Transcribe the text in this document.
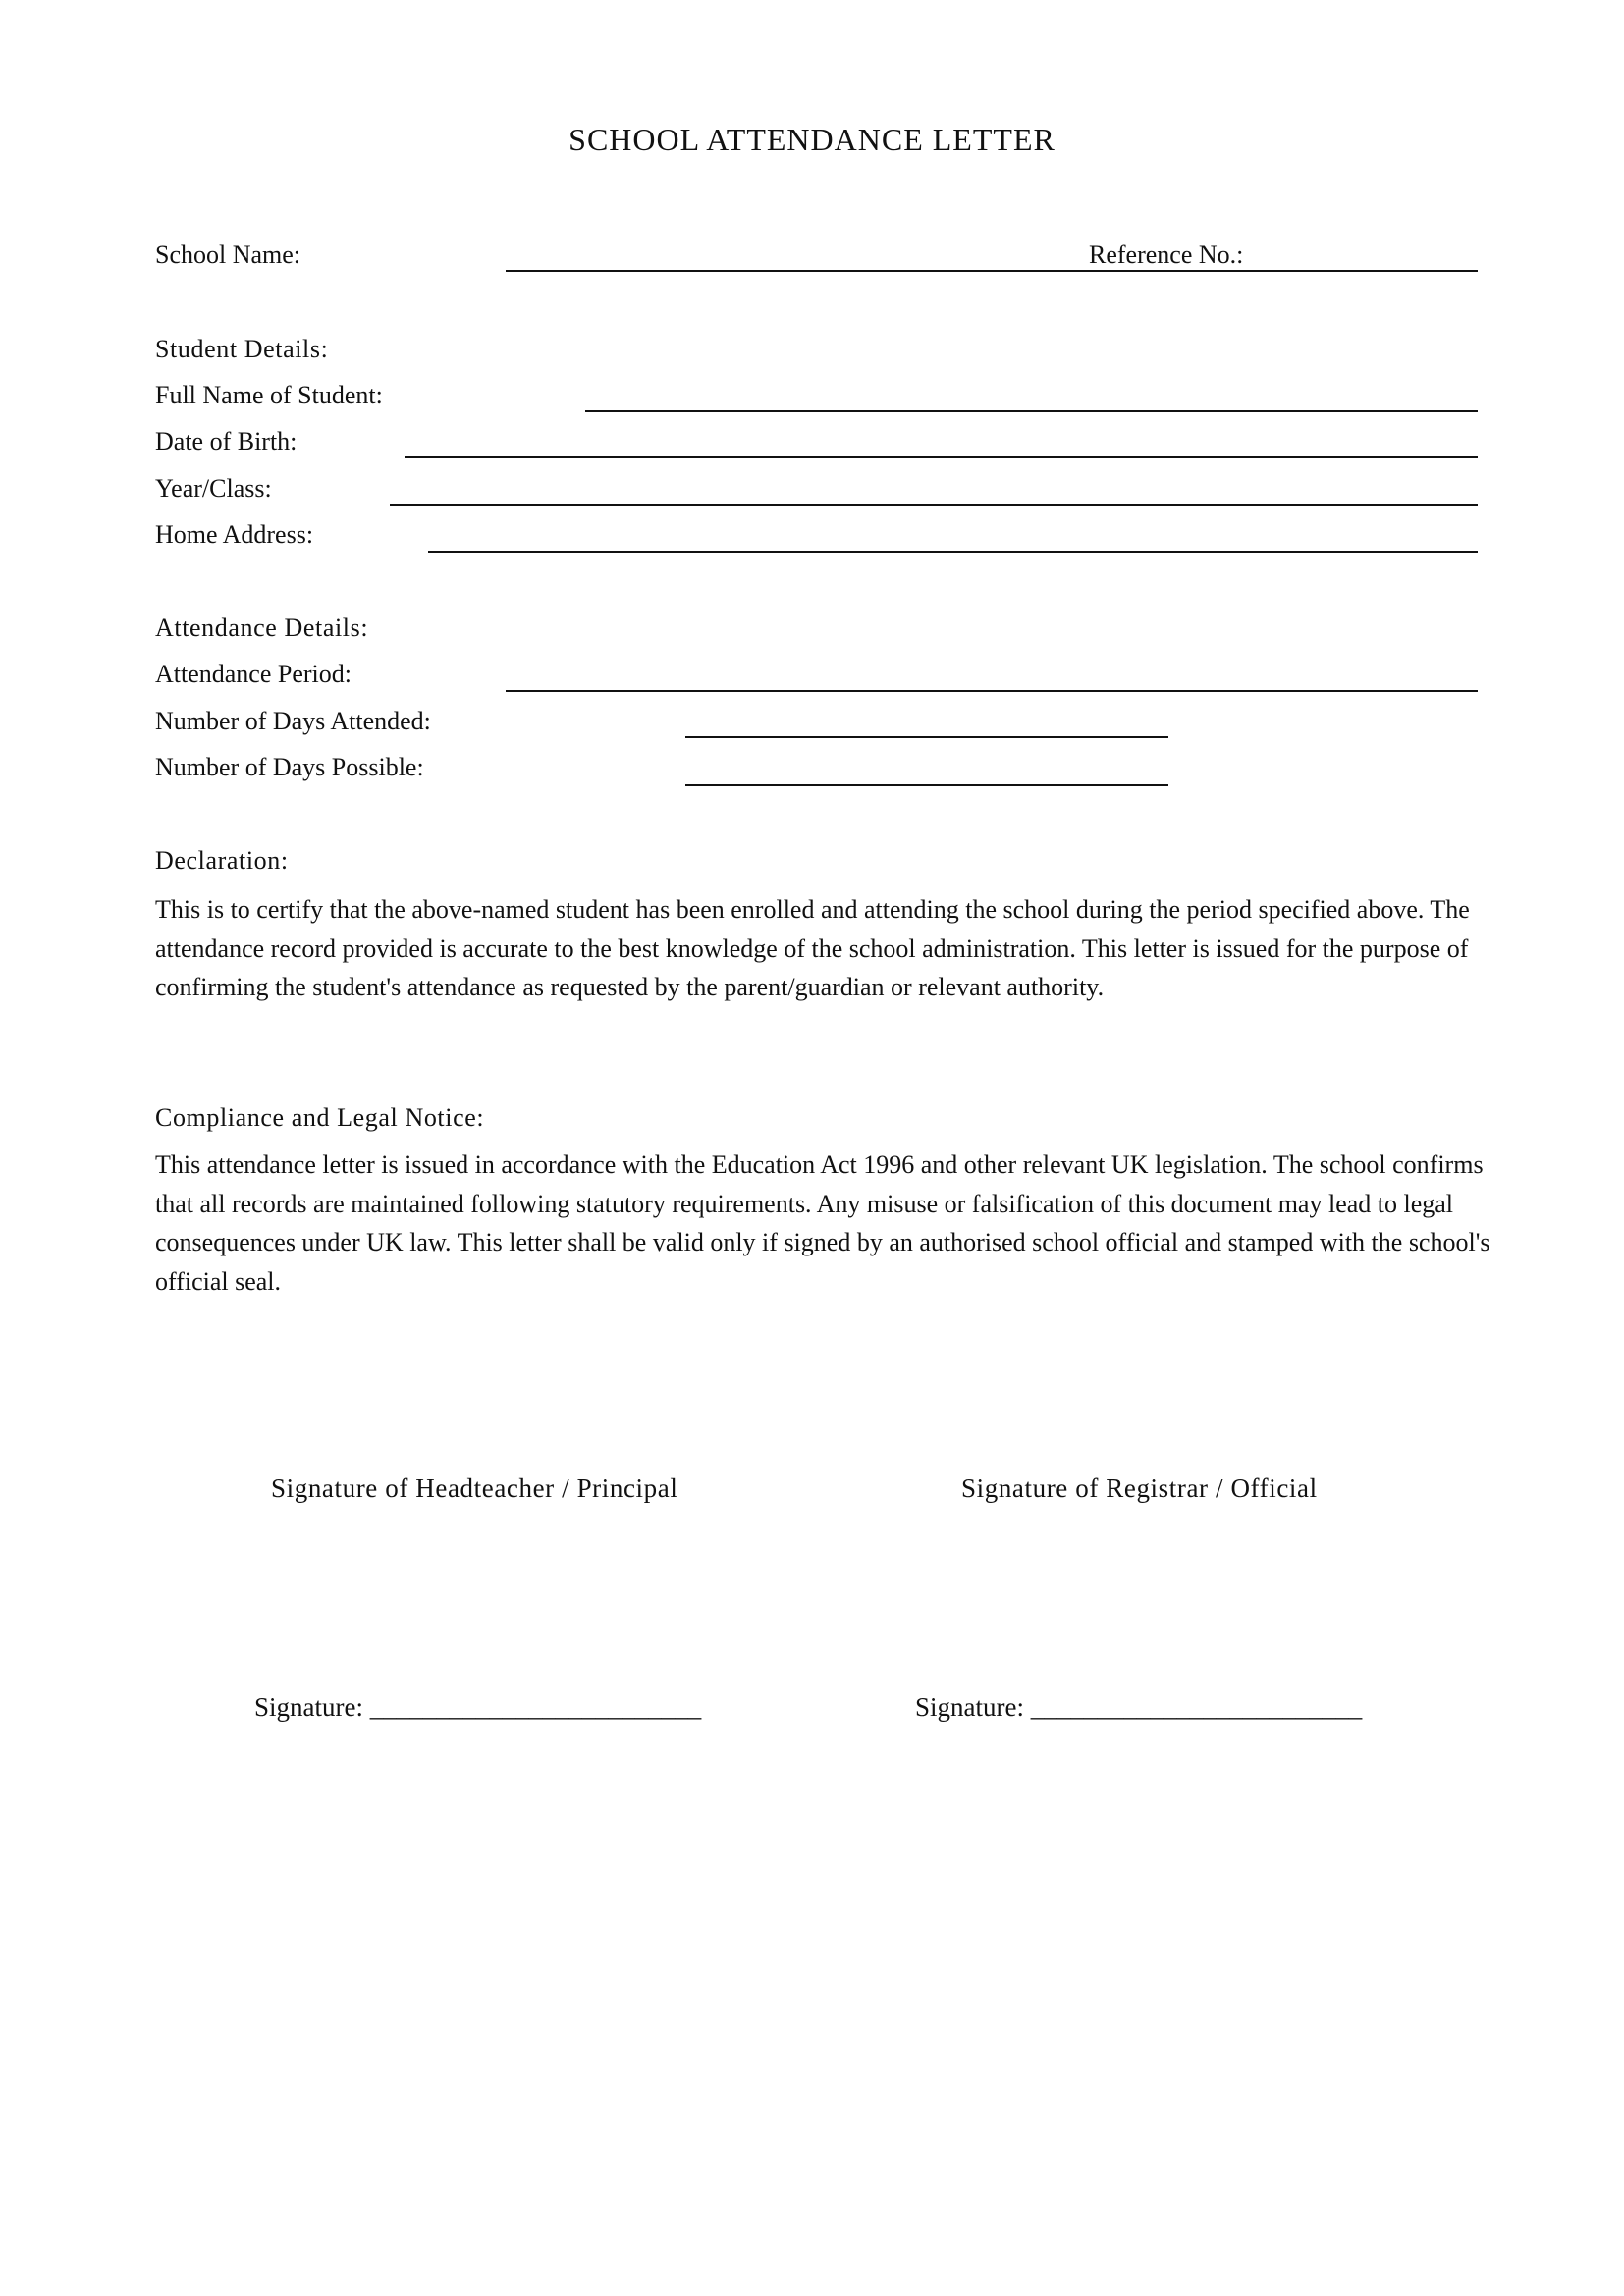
SCHOOL ATTENDANCE LETTER
School Name:	Reference No.:
Student Details:
Full Name of Student:
Date of Birth:
Year/Class:
Home Address:
Attendance Details:
Attendance Period:
Number of Days Attended:
Number of Days Possible:
Declaration:
This is to certify that the above-named student has been enrolled and attending the school during the period specified above. The attendance record provided is accurate to the best knowledge of the school administration. This letter is issued for the purpose of confirming the student's attendance as requested by the parent/guardian or relevant authority.
Compliance and Legal Notice:
This attendance letter is issued in accordance with the Education Act 1996 and other relevant UK legislation. The school confirms that all records are maintained following statutory requirements. Any misuse or falsification of this document may lead to legal consequences under UK law. This letter shall be valid only if signed by an authorised school official and stamped with the school's official seal.
Signature of Headteacher / Principal	Signature of Registrar / Official
Signature: _________________________	Signature: _________________________
